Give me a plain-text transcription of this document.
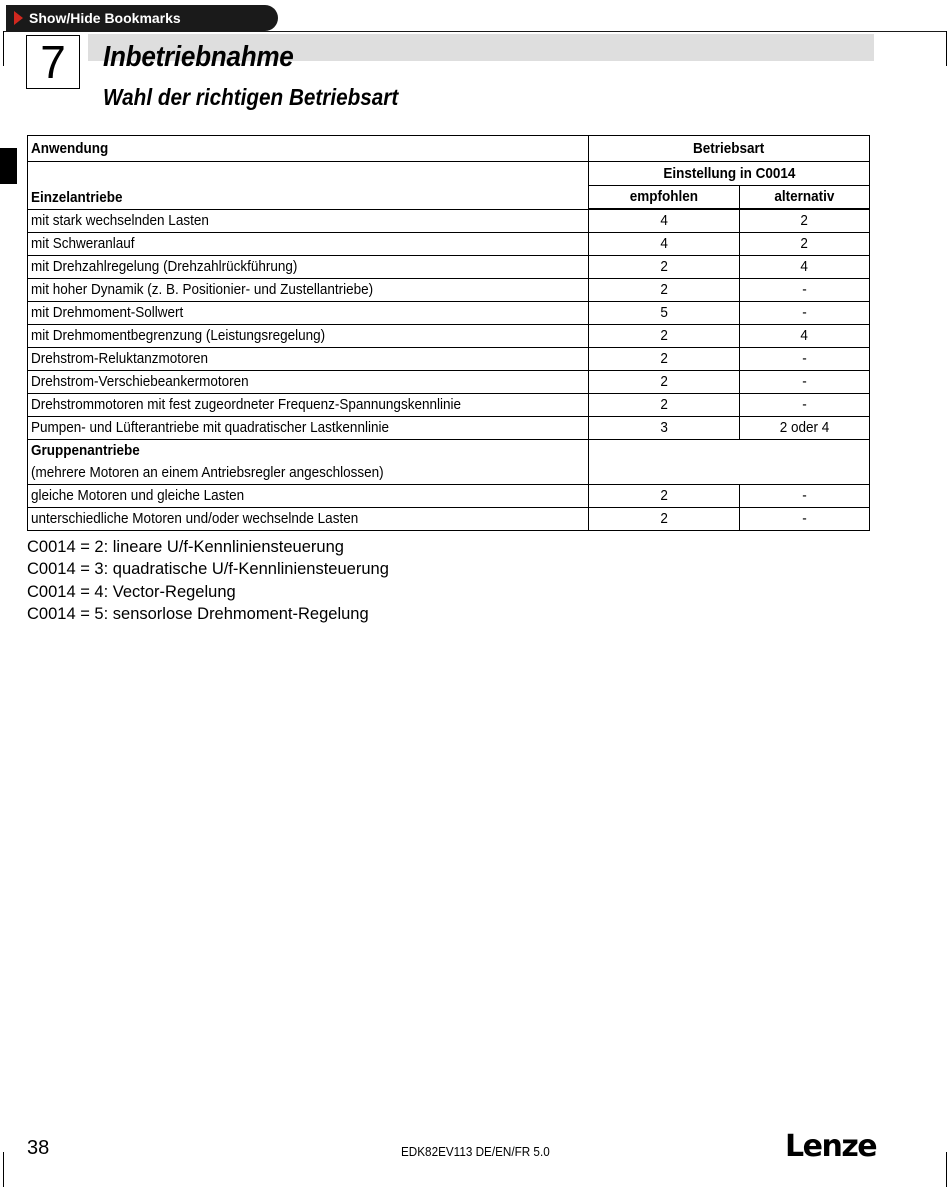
Show/Hide Bookmarks
7	Inbetriebnahme
Wahl der richtigen Betriebsart
Anwendung	Betriebsart	
Einzelantriebe	Einstellung in C0014	
	empfohlen	alternativ
mit stark wechselnden Lasten	4	2
mit Schweranlauf	4	2
mit Drehzahlregelung (Drehzahlrückführung)	2	4
mit hoher Dynamik (z. B. Positionier- und Zustellantriebe)	2	-
mit Drehmoment-Sollwert	5	-
mit Drehmomentbegrenzung (Leistungsregelung)	2	4
Drehstrom-Reluktanzmotoren	2	-
Drehstrom-Verschiebeankermotoren	2	-
Drehstrommotoren mit fest zugeordneter Frequenz-Spannungskennlinie	2	-
Pumpen- und Lüfterantriebe mit quadratischer Lastkennlinie	3	2 oder 4

Gruppenantriebe
(mehrere Motoren an einem Antriebsregler angeschlossen)		

gleiche Motoren und gleiche Lasten	2	-
unterschiedliche Motoren und/oder wechselnde Lasten	2	-
C0014 = 2: lineare U/f-Kennliniensteuerung
C0014 = 3: quadratische U/f-Kennliniensteuerung
C0014 = 4: Vector-Regelung
C0014 = 5: sensorlose Drehmoment-Regelung
38	EDK82EV113 DE/EN/FR 5.0	Lenze
